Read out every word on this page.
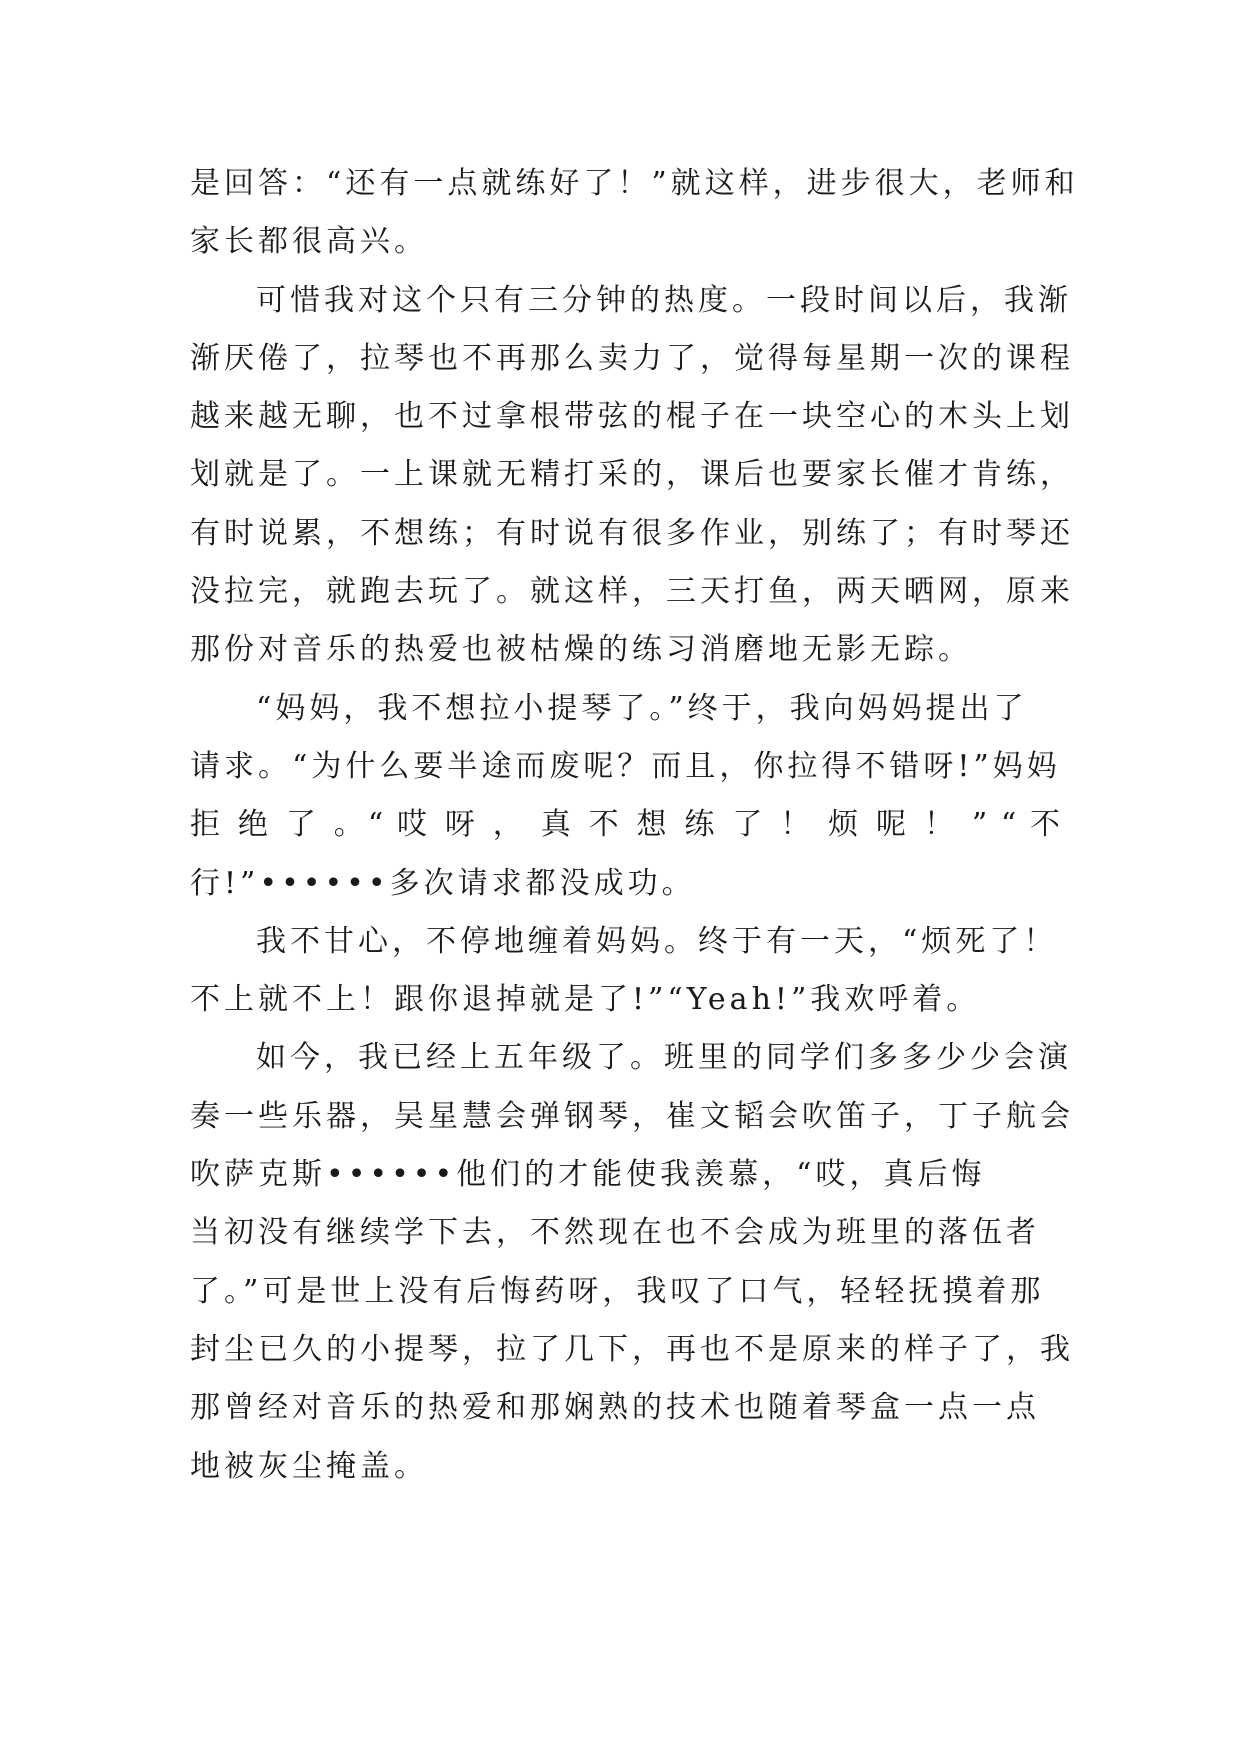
是回答：“还有一点就练好了！”就这样，进步很大，老师和
家长都很高兴。
可惜我对这个只有三分钟的热度。一段时间以后，我渐
渐厌倦了，拉琴也不再那么卖力了，觉得每星期一次的课程
越来越无聊，也不过拿根带弦的棍子在一块空心的木头上划
划就是了。一上课就无精打采的，课后也要家长催才肯练，
有时说累，不想练；有时说有很多作业，别练了；有时琴还
没拉完，就跑去玩了。就这样，三天打鱼，两天晒网，原来
那份对音乐的热爱也被枯燥的练习消磨地无影无踪。
“妈妈，我不想拉小提琴了。”终于，我向妈妈提出了
请求。“为什么要半途而废呢？而且，你拉得不错呀!”妈妈
拒 绝 了 。“ 哎 呀 ， 真 不 想 练 了 ！ 烦 呢 ！ ” “ 不
行!”••••••多次请求都没成功。
我不甘心，不停地缠着妈妈。终于有一天，“烦死了！
不上就不上！跟你退掉就是了!”“Yeah!”我欢呼着。
如今，我已经上五年级了。班里的同学们多多少少会演
奏一些乐器，吴星慧会弹钢琴，崔文韬会吹笛子，丁子航会
吹萨克斯••••••他们的才能使我羡慕，“哎，真后悔
当初没有继续学下去，不然现在也不会成为班里的落伍者
了。”可是世上没有后悔药呀，我叹了口气，轻轻抚摸着那
封尘已久的小提琴，拉了几下，再也不是原来的样子了，我
那曾经对音乐的热爱和那娴熟的技术也随着琴盒一点一点
地被灰尘掩盖。
